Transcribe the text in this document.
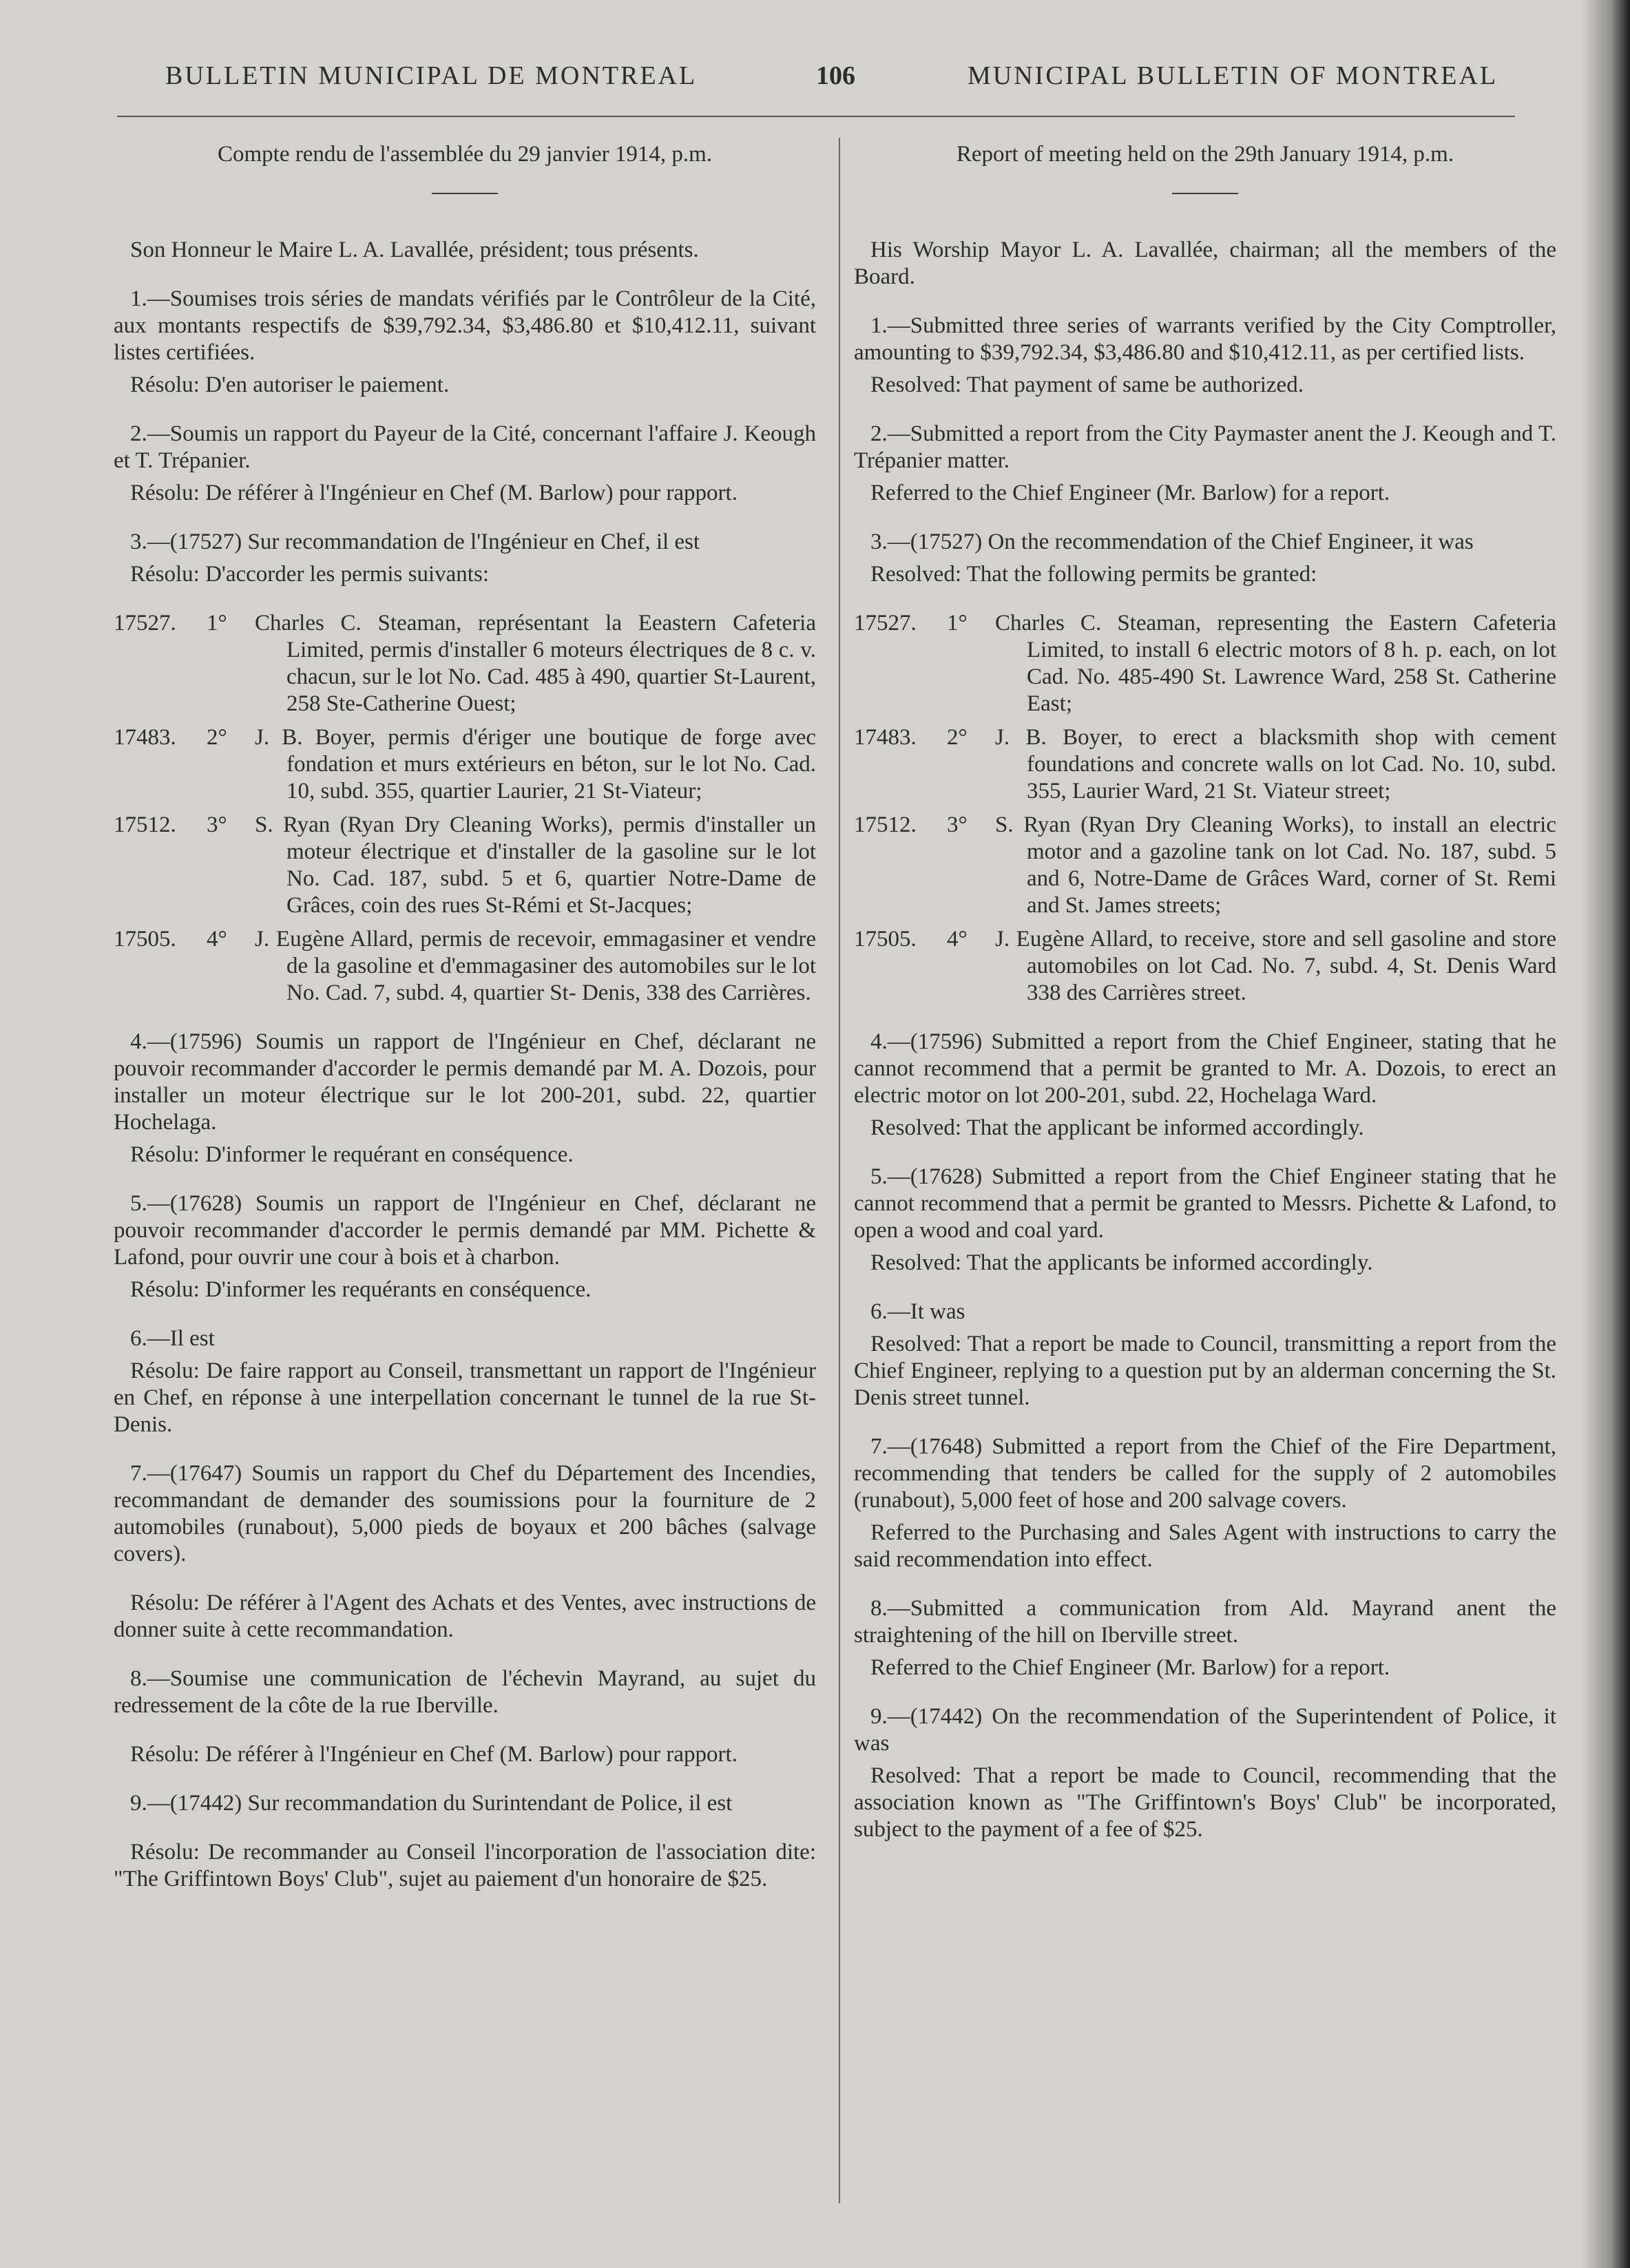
BULLETIN MUNICIPAL DE MONTREAL	106	MUNICIPAL BULLETIN OF MONTREAL

Compte rendu de l'assemblée du 29 janvier 1914, p.m.

Son Honneur le Maire L. A. Lavallée, président; tous présents.

1.—Soumises trois séries de mandats vérifiés par le Contrôleur de la Cité, aux montants respectifs de $39,792.34, $3,486.80 et $10,412.11, suivant listes certifiées.

Résolu: D'en autoriser le paiement.

2.—Soumis un rapport du Payeur de la Cité, concernant l'affaire J. Keough et T. Trépanier.

Résolu: De référer à l'Ingénieur en Chef (M. Barlow) pour rapport.

3.—(17527) Sur recommandation de l'Ingénieur en Chef, il est

Résolu: D'accorder les permis suivants:

17527.	1°	Charles C. Steaman, représentant la Eeastern Cafeteria Limited, permis d'installer 6 moteurs électriques de 8 c. v. chacun, sur le lot No. Cad. 485 à 490, quartier St-Laurent, 258 Ste-Catherine Ouest;
17483.	2°	J. B. Boyer, permis d'ériger une boutique de forge avec fondation et murs extérieurs en béton, sur le lot No. Cad. 10, subd. 355, quartier Laurier, 21 St-Viateur;
17512.	3°	S. Ryan (Ryan Dry Cleaning Works), permis d'installer un moteur électrique et d'installer de la gasoline sur le lot No. Cad. 187, subd. 5 et 6, quartier Notre-Dame de Grâces, coin des rues St-Rémi et St-Jacques;
17505.	4°	J. Eugène Allard, permis de recevoir, emmagasiner et vendre de la gasoline et d'emmagasiner des automobiles sur le lot No. Cad. 7, subd. 4, quartier St- Denis, 338 des Carrières.

4.—(17596) Soumis un rapport de l'Ingénieur en Chef, déclarant ne pouvoir recommander d'accorder le permis demandé par M. A. Dozois, pour installer un moteur électrique sur le lot 200-201, subd. 22, quartier Hochelaga.

Résolu: D'informer le requérant en conséquence.

5.—(17628) Soumis un rapport de l'Ingénieur en Chef, déclarant ne pouvoir recommander d'accorder le permis demandé par MM. Pichette & Lafond, pour ouvrir une cour à bois et à charbon.

Résolu: D'informer les requérants en conséquence.

6.—Il est

Résolu: De faire rapport au Conseil, transmettant un rapport de l'Ingénieur en Chef, en réponse à une interpellation concernant le tunnel de la rue St-Denis.

7.—(17647) Soumis un rapport du Chef du Département des Incendies, recommandant de demander des soumissions pour la fourniture de 2 automobiles (runabout), 5,000 pieds de boyaux et 200 bâches (salvage covers).

Résolu: De référer à l'Agent des Achats et des Ventes, avec instructions de donner suite à cette recommandation.

8.—Soumise une communication de l'échevin Mayrand, au sujet du redressement de la côte de la rue Iberville.

Résolu: De référer à l'Ingénieur en Chef (M. Barlow) pour rapport.

9.—(17442) Sur recommandation du Surintendant de Police, il est

Résolu: De recommander au Conseil l'incorporation de l'association dite: "The Griffintown Boys' Club", sujet au paiement d'un honoraire de $25.

Report of meeting held on the 29th January 1914, p.m.

His Worship Mayor L. A. Lavallée, chairman; all the members of the Board.

1.—Submitted three series of warrants verified by the City Comptroller, amounting to $39,792.34, $3,486.80 and $10,412.11, as per certified lists.

Resolved: That payment of same be authorized.

2.—Submitted a report from the City Paymaster anent the J. Keough and T. Trépanier matter.

Referred to the Chief Engineer (Mr. Barlow) for a report.

3.—(17527) On the recommendation of the Chief Engineer, it was

Resolved: That the following permits be granted:

17527.	1°	Charles C. Steaman, representing the Eastern Cafeteria Limited, to install 6 electric motors of 8 h. p. each, on lot Cad. No. 485-490 St. Lawrence Ward, 258 St. Catherine East;
17483.	2°	J. B. Boyer, to erect a blacksmith shop with cement foundations and concrete walls on lot Cad. No. 10, subd. 355, Laurier Ward, 21 St. Viateur street;
17512.	3°	S. Ryan (Ryan Dry Cleaning Works), to install an electric motor and a gazoline tank on lot Cad. No. 187, subd. 5 and 6, Notre-Dame de Grâces Ward, corner of St. Remi and St. James streets;
17505.	4°	J. Eugène Allard, to receive, store and sell gasoline and store automobiles on lot Cad. No. 7, subd. 4, St. Denis Ward 338 des Carrières street.

4.—(17596) Submitted a report from the Chief Engineer, stating that he cannot recommend that a permit be granted to Mr. A. Dozois, to erect an electric motor on lot 200-201, subd. 22, Hochelaga Ward.

Resolved: That the applicant be informed accordingly.

5.—(17628) Submitted a report from the Chief Engineer stating that he cannot recommend that a permit be granted to Messrs. Pichette & Lafond, to open a wood and coal yard.

Resolved: That the applicants be informed accordingly.

6.—It was

Resolved: That a report be made to Council, transmitting a report from the Chief Engineer, replying to a question put by an alderman concerning the St. Denis street tunnel.

7.—(17648) Submitted a report from the Chief of the Fire Department, recommending that tenders be called for the supply of 2 automobiles (runabout), 5,000 feet of hose and 200 salvage covers.

Referred to the Purchasing and Sales Agent with instructions to carry the said recommendation into effect.

8.—Submitted a communication from Ald. Mayrand anent the straightening of the hill on Iberville street.

Referred to the Chief Engineer (Mr. Barlow) for a report.

9.—(17442) On the recommendation of the Superintendent of Police, it was

Resolved: That a report be made to Council, recommending that the association known as "The Griffintown's Boys' Club" be incorporated, subject to the payment of a fee of $25.
